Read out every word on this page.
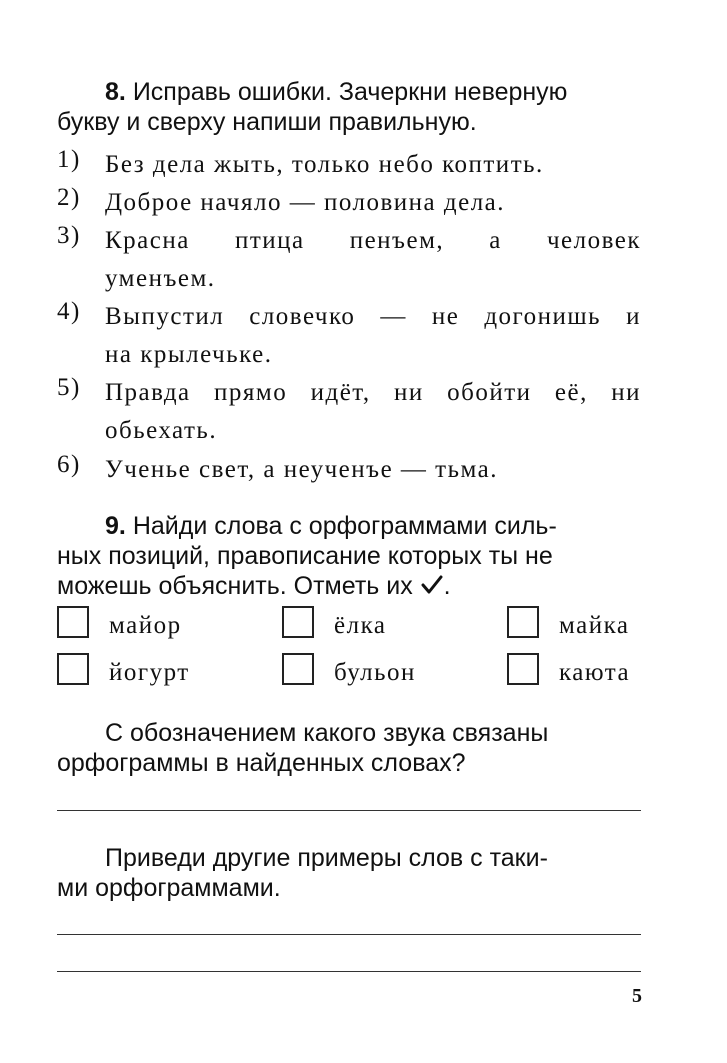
8. Исправь ошибки. Зачеркни неверную
букву и сверху напиши правильную.
1) Без дела жыть, только небо коптить.
2) Доброе начяло — половина дела.
3) Красна птица пенъем, а человек
уменъем.
4) Выпустил словечко — не догонишь и
на крылечьке.
5) Правда прямо идёт, ни обойти её, ни
обьехать.
6) Ученье свет, а неученъе — тьма.
9. Найди слова с орфограммами силь-
ных позиций, правописание которых ты не
можешь объяснить. Отметь их .
майор	ёлка	майка
йогурт	бульон	каюта
С обозначением какого звука связаны
орфограммы в найденных словах?
Приведи другие примеры слов с таки-
ми орфограммами.
5
